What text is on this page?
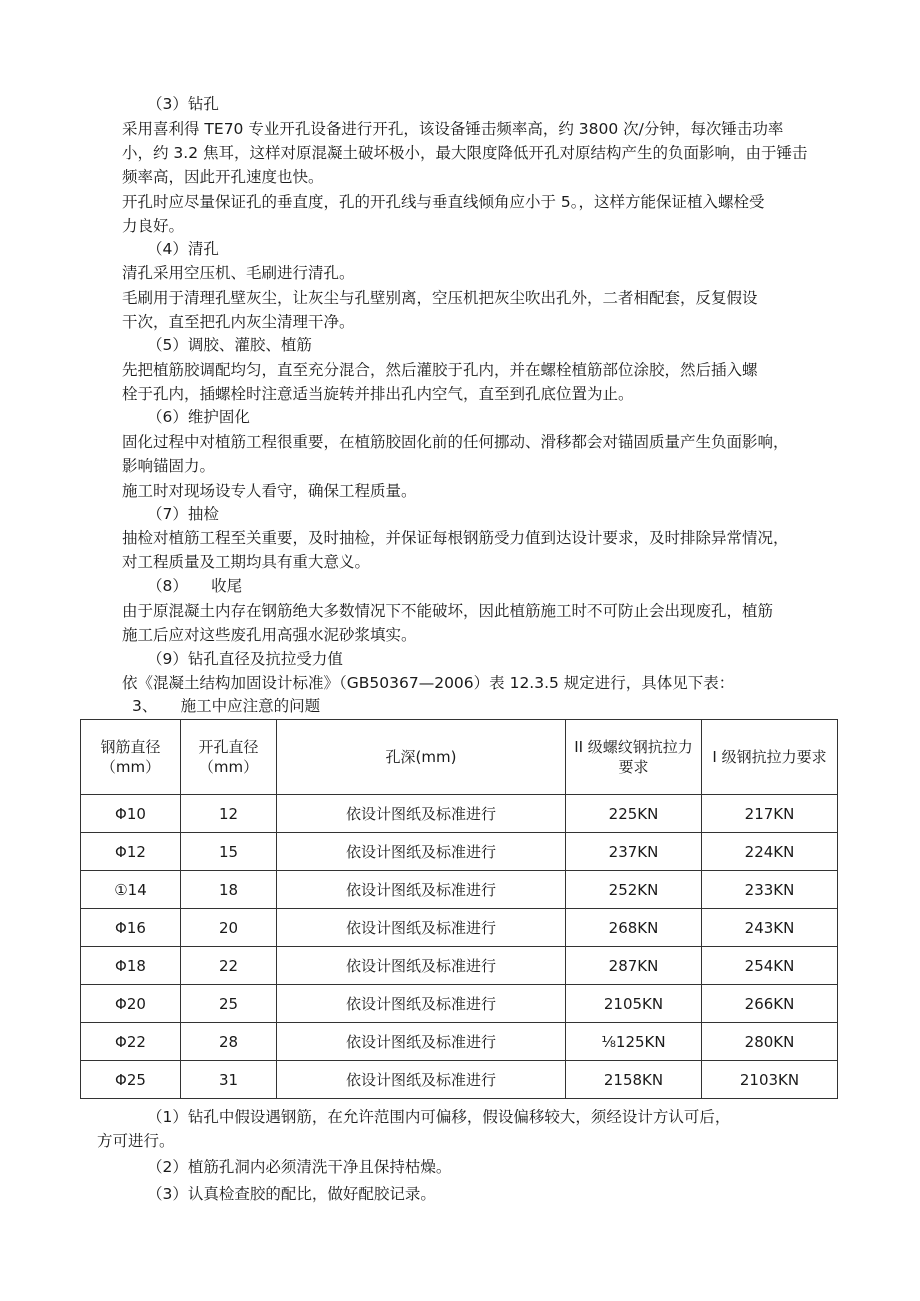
（3）钻孔
采用喜利得 TE70 专业开孔设备进行开孔，该设备锤击频率高，约 3800 次/分钟，每次锤击功率
小，约 3.2 焦耳，这样对原混凝土破坏极小，最大限度降低开孔对原结构产生的负面影响，由于锤击
频率高，因此开孔速度也快。
开孔时应尽量保证孔的垂直度，孔的开孔线与垂直线倾角应小于 5。，这样方能保证植入螺栓受
力良好。
（4）清孔
清孔采用空压机、毛刷进行清孔。
毛刷用于清理孔壁灰尘，让灰尘与孔壁别离，空压机把灰尘吹出孔外，二者相配套，反复假设
干次，直至把孔内灰尘清理干净。
（5）调胶、灌胶、植筋
先把植筋胶调配均匀，直至充分混合，然后灌胶于孔内，并在螺栓植筋部位涂胶，然后插入螺
栓于孔内，插螺栓时注意适当旋转并排出孔内空气，直至到孔底位置为止。
（6）维护固化
固化过程中对植筋工程很重要，在植筋胶固化前的任何挪动、滑移都会对锚固质量产生负面影响，
影响锚固力。
施工时对现场设专人看守，确保工程质量。
（7）抽检
抽检对植筋工程至关重要，及时抽检，并保证每根钢筋受力值到达设计要求，及时排除异常情况，
对工程质量及工期均具有重大意义。
（8）　　收尾
由于原混凝土内存在钢筋绝大多数情况下不能破坏，因此植筋施工时不可防止会出现废孔，植筋
施工后应对这些废孔用高强水泥砂浆填实。
（9）钻孔直径及抗拉受力值
依《混凝土结构加固设计标准》（GB50367—2006）表 12.3.5 规定进行，具体见下表：
3、　　施工中应注意的问题
钢筋直径（mm）	开孔直径（mm）	孔深(mm)	II 级螺纹钢抗拉力要求	I 级钢抗拉力要求
Φ10	12	依设计图纸及标准进行	225KN	217KN
Φ12	15	依设计图纸及标准进行	237KN	224KN
①14	18	依设计图纸及标准进行	252KN	233KN
Φ16	20	依设计图纸及标准进行	268KN	243KN
Φ18	22	依设计图纸及标准进行	287KN	254KN
Φ20	25	依设计图纸及标准进行	2105KN	266KN
Φ22	28	依设计图纸及标准进行	⅛125KN	280KN
Φ25	31	依设计图纸及标准进行	2158KN	2103KN
（1）钻孔中假设遇钢筋，在允许范围内可偏移，假设偏移较大，须经设计方认可后，
方可进行。
（2）植筋孔洞内必须清洗干净且保持枯燥。
（3）认真检查胶的配比，做好配胶记录。
